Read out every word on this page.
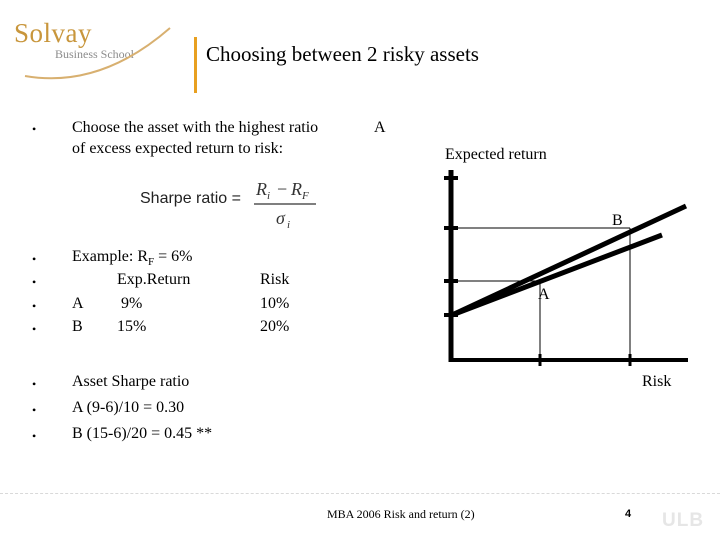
Solvay
Business School	Choosing between 2 risky assets
• Choose the asset with the highest ratio
of excess expected return to risk:
Sharpe ratio = R i − R F
σ i
• Example: $R_F = 6\%$
•	Exp.Return	Risk
• A 9%	10%
• B 15%	20%
• Asset Sharpe ratio
• A (9-6)/10 = 0.30
• B (15-6)/20 = 0.45 **
A
Expected return
Risk
B
A
MBA 2006 Risk and return (2)	4 ULB
